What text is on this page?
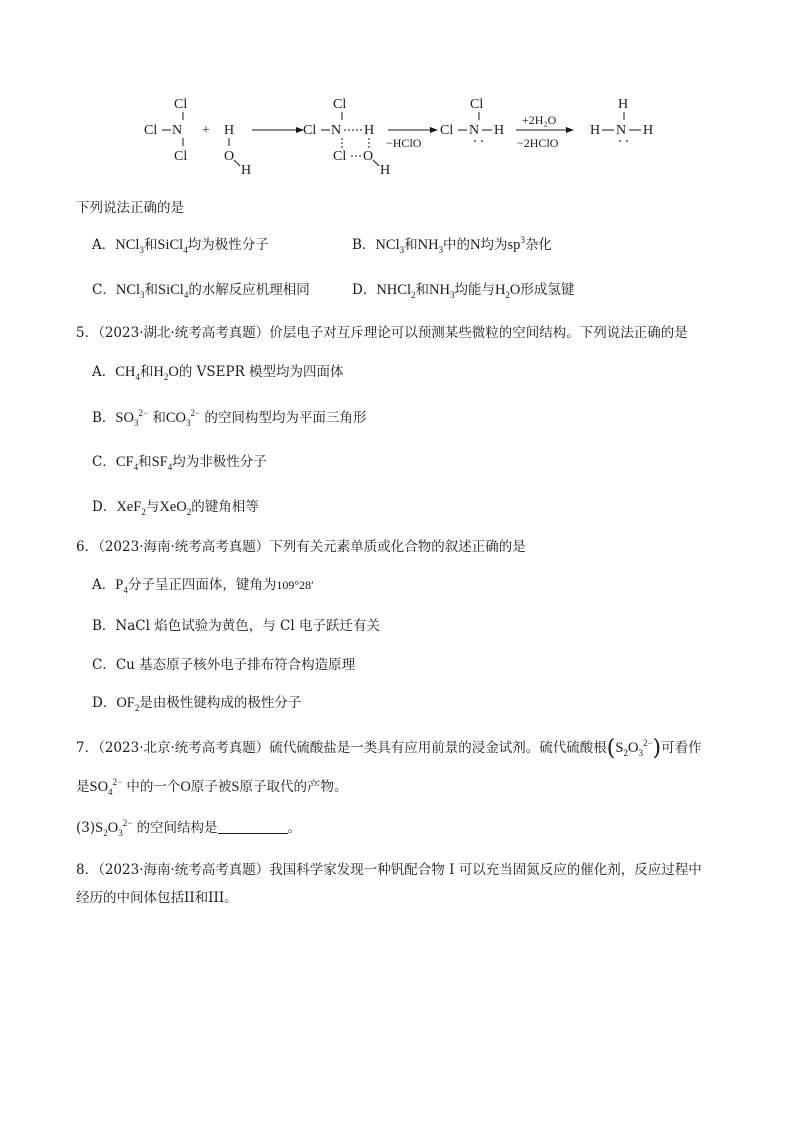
Cl
Cl N
Cl
+ H
O
H
Cl
Cl N H
Cl O
H
−HClO
Cl
Cl N H
+2H₂O
−2HClO
H
H N H
下列说法正确的是
A．NCl$_3$和SiCl$_4$均为极性分子	B．NCl$_3$和$NH_3$中的N均为$sp^3$杂化
C．NCl$_3$和SiCl$_4$的水解反应机理相同	D．NHCl$_2$和$NH_3$均能与$H_2O$形成氢键
5．（2023·湖北·统考高考真题）价层电子对互斥理论可以预测某些微粒的空间结构。下列说法正确的是
A．$CH_4$和$H_2O$的 VSEPR 模型均为四面体
B．$SO_3^{2-}$ 和$CO_3^{2-}$ 的空间构型均为平面三角形
C．$CF_4$和$SF_4$均为非极性分子
D．XeF$_2$与XeO$_2$的键角相等
6．（2023·海南·统考高考真题）下列有关元素单质或化合物的叙述正确的是
A．$P_4$分子呈正四面体，键角为109°28′
B．NaCl 焰色试验为黄色，与 Cl 电子跃迁有关
C．Cu 基态原子核外电子排布符合构造原理
D．$OF_2$是由极性键构成的极性分子
7．（2023·北京·统考高考真题）硫代硫酸盐是一类具有应用前景的浸金试剂。硫代硫酸根$(S_2O_3^{2-})$可看作
是$SO_4^{2-}$ 中的一个O原子被S原子取代的产物。
$(3)S_2O_3^{2-}$ 的空间结构是	。
8．（2023·海南·统考高考真题）我国科学家发现一种钒配合物 I 可以充当固氮反应的催化剂，反应过程中
经历的中间体包括II和III。
